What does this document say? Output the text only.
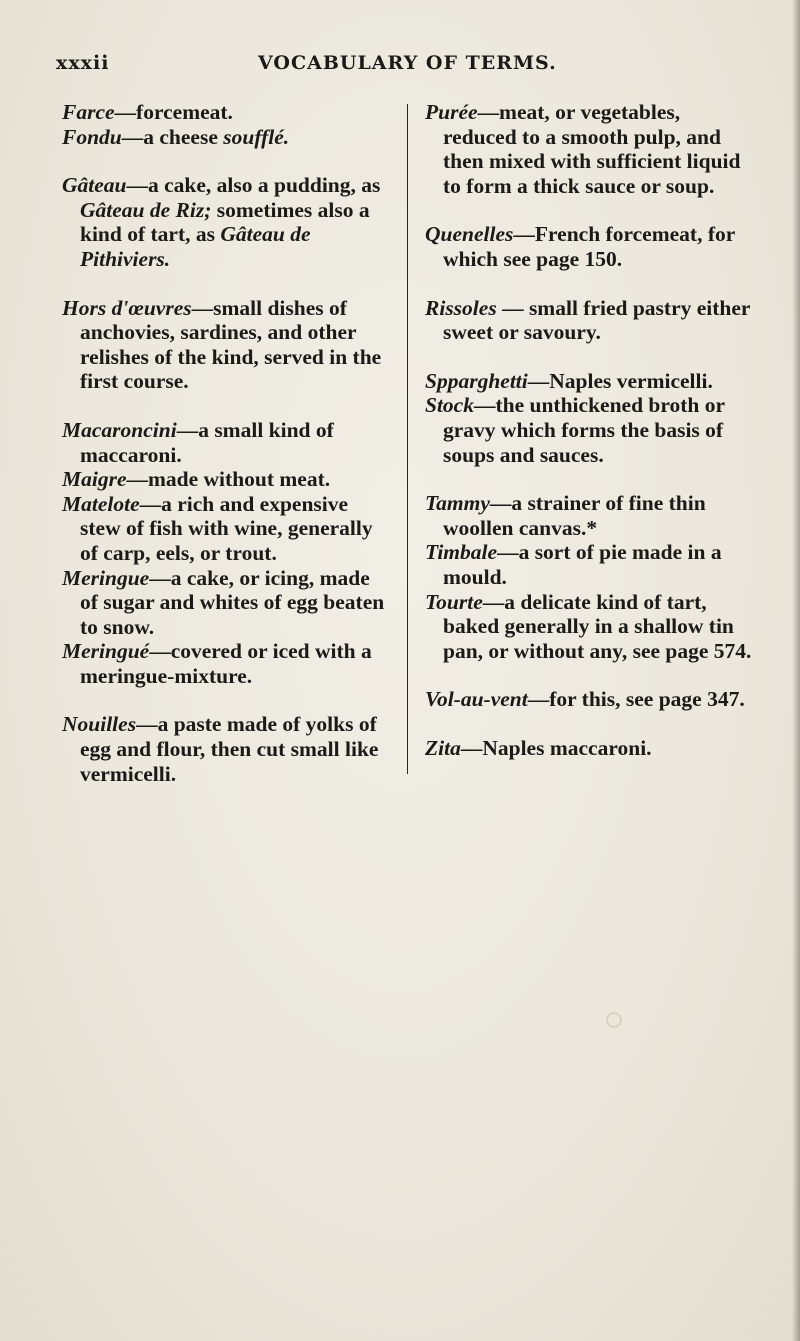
xxxii	VOCABULARY OF TERMS.

Farce—forcemeat.

Fondu—a cheese soufflé.

Gâteau—a cake, also a pudding, as Gâteau de Riz; sometimes also a kind of tart, as Gâteau de Pithiviers.

Hors d'œuvres—small dishes of anchovies, sardines, and other relishes of the kind, served in the first course.

Macaroncini—a small kind of maccaroni.

Maigre—made without meat.

Matelote—a rich and expensive stew of fish with wine, generally of carp, eels, or trout.

Meringue—a cake, or icing, made of sugar and whites of egg beaten to snow.

Meringué—covered or iced with a meringue-mixture.

Nouilles—a paste made of yolks of egg and flour, then cut small like vermicelli.

Purée—meat, or vegetables, reduced to a smooth pulp, and then mixed with sufficient liquid to form a thick sauce or soup.

Quenelles—French forcemeat, for which see page 150.

Rissoles — small fried pastry either sweet or savoury.

Spparghetti—Naples vermicelli.

Stock—the unthickened broth or gravy which forms the basis of soups and sauces.

Tammy—a strainer of fine thin woollen canvas.*

Timbale—a sort of pie made in a mould.

Tourte—a delicate kind of tart, baked generally in a shallow tin pan, or without any, see page 574.

Vol-au-vent—for this, see page 347.

Zita—Naples maccaroni.
